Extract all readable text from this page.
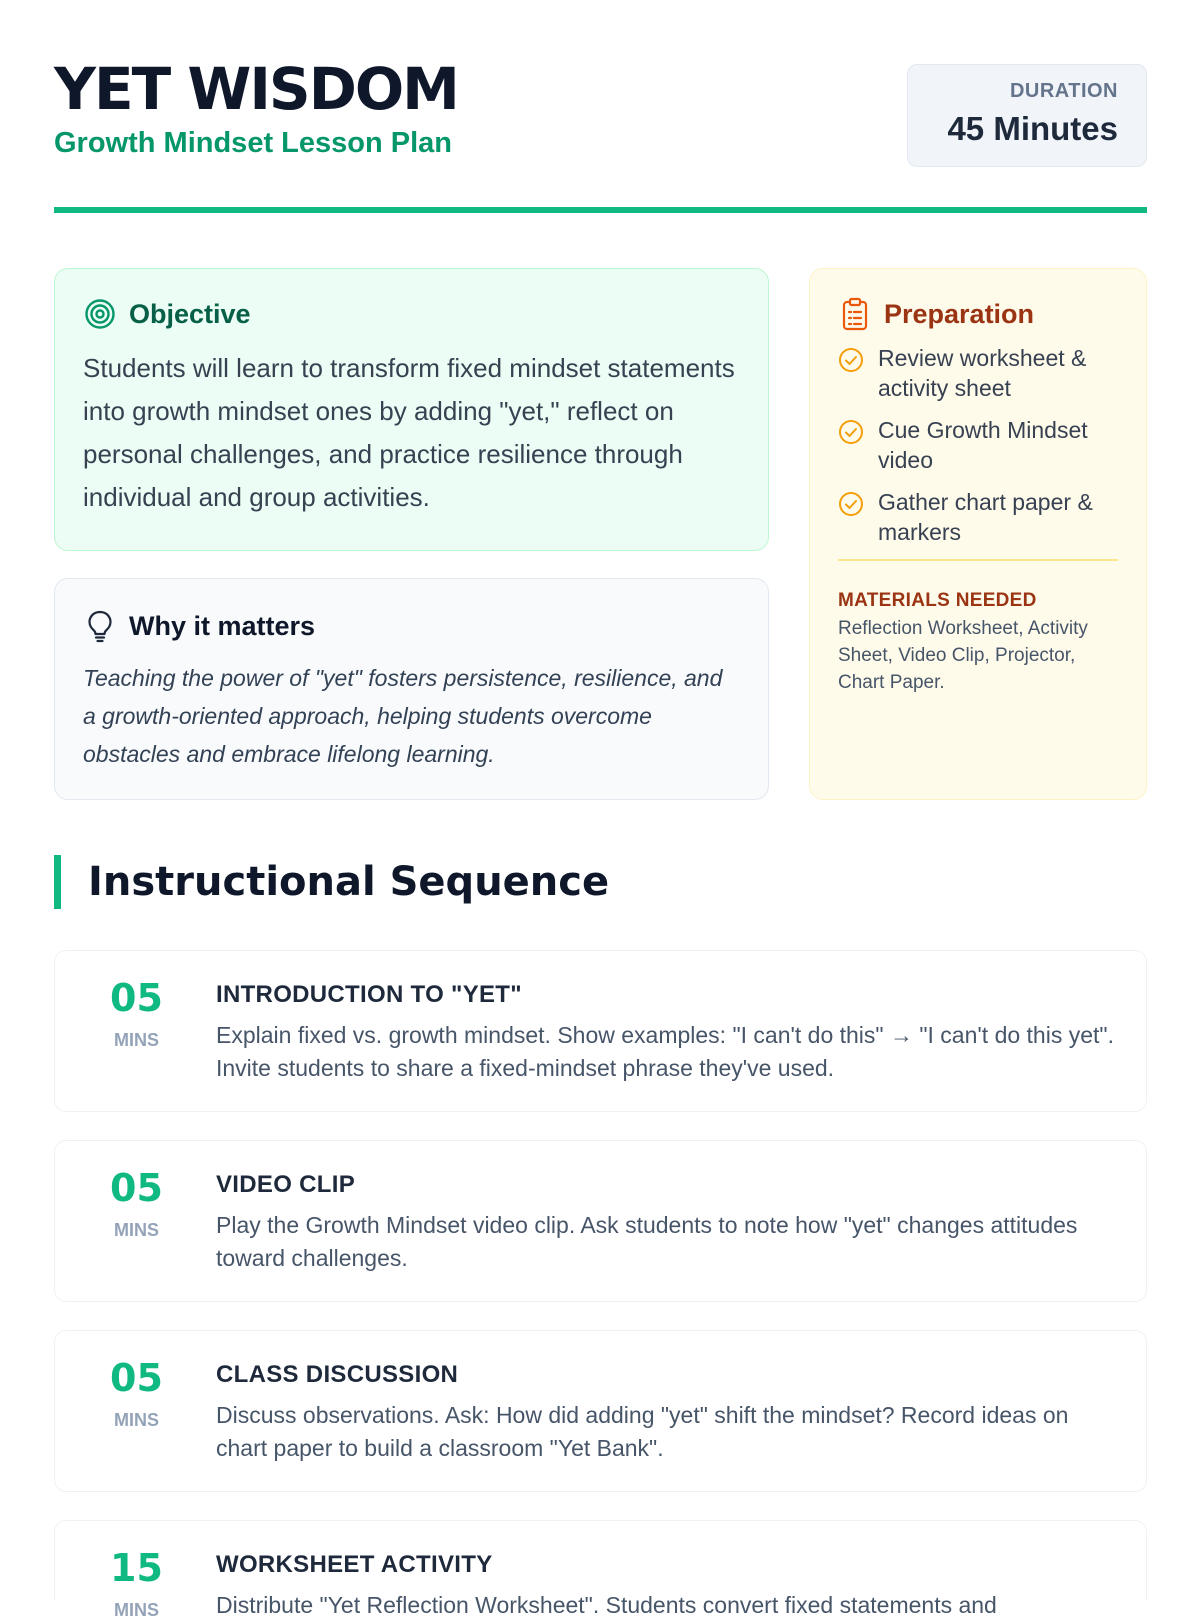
YET WISDOM
Growth Mindset Lesson Plan
DURATION
45 Minutes
Objective

Students will learn to transform fixed mindset statements into growth mindset ones by adding "yet," reflect on personal challenges, and practice resilience through individual and group activities.

Why it matters

Teaching the power of "yet" fosters persistence, resilience, and a growth-oriented approach, helping students overcome obstacles and embrace lifelong learning.

Preparation
Review worksheet & activity sheet
Cue Growth Mindset video
Gather chart paper & markers
MATERIALS NEEDED
Reflection Worksheet, Activity Sheet, Video Clip, Projector, Chart Paper.
Instructional Sequence
05
MINS
INTRODUCTION TO "YET"
Explain fixed vs. growth mindset. Show examples: "I can't do this" → "I can't do this yet". Invite students to share a fixed-mindset phrase they've used.
05
MINS
VIDEO CLIP
Play the Growth Mindset video clip. Ask students to note how "yet" changes attitudes toward challenges.
05
MINS
CLASS DISCUSSION
Discuss observations. Ask: How did adding "yet" shift the mindset? Record ideas on chart paper to build a classroom "Yet Bank".
15
MINS
WORKSHEET ACTIVITY
Distribute "Yet Reflection Worksheet". Students convert fixed statements and
